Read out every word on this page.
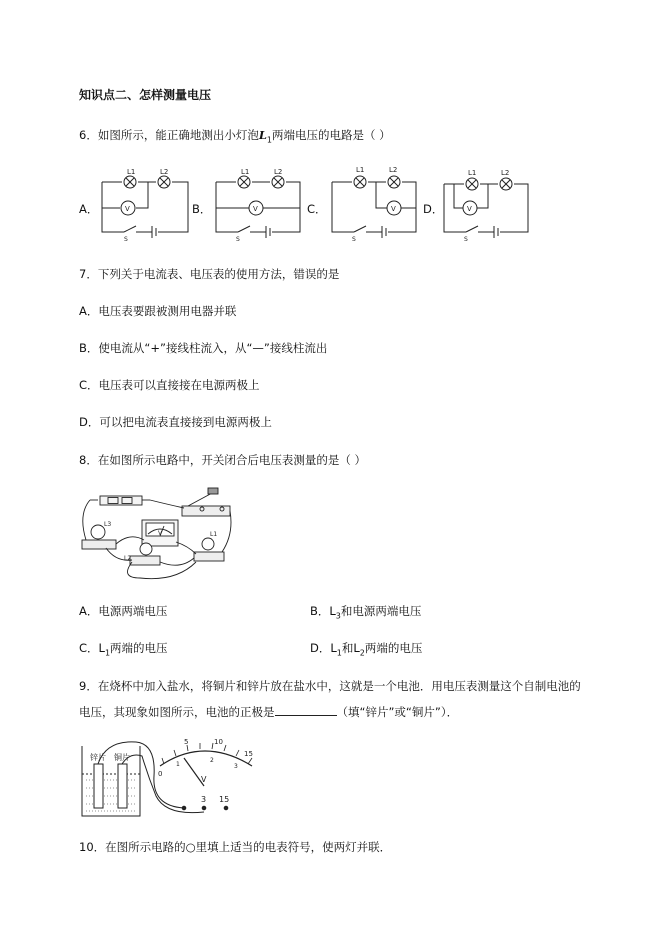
知识点二、怎样测量电压
6．如图所示，能正确地测出小灯泡$L_1$两端电压的电路是（ ）
A．	B．	C．	D．
V
L1	L2
S
V
L1	L2
S
V
L1	L2
S
V
L1	L2
S
7．下列关于电流表、电压表的使用方法，错误的是
A．电压表要跟被测用电器并联
B．使电流从“+”接线柱流入，从“—”接线柱流出
C．电压表可以直接接在电源两极上
D．可以把电流表直接接到电源两极上
8．在如图所示电路中，开关闭合后电压表测量的是（ ）
L3
L2
L1
V
A．电源两端电压	B．$L_3$和电源两端电压
C．$L_1$两端的电压	D．$L_1$和$L_2$两端的电压
9．在烧杯中加入盐水，将铜片和锌片放在盐水中，这就是一个电池．用电压表测量这个自制电池的
电压，其现象如图所示，电池的正极是	（填“锌片”或“铜片”）．
锌片 铜片
0
5	10
15
1
2
3
V
3 15
10．在图所示电路的○里填上适当的电表符号，使两灯并联．
